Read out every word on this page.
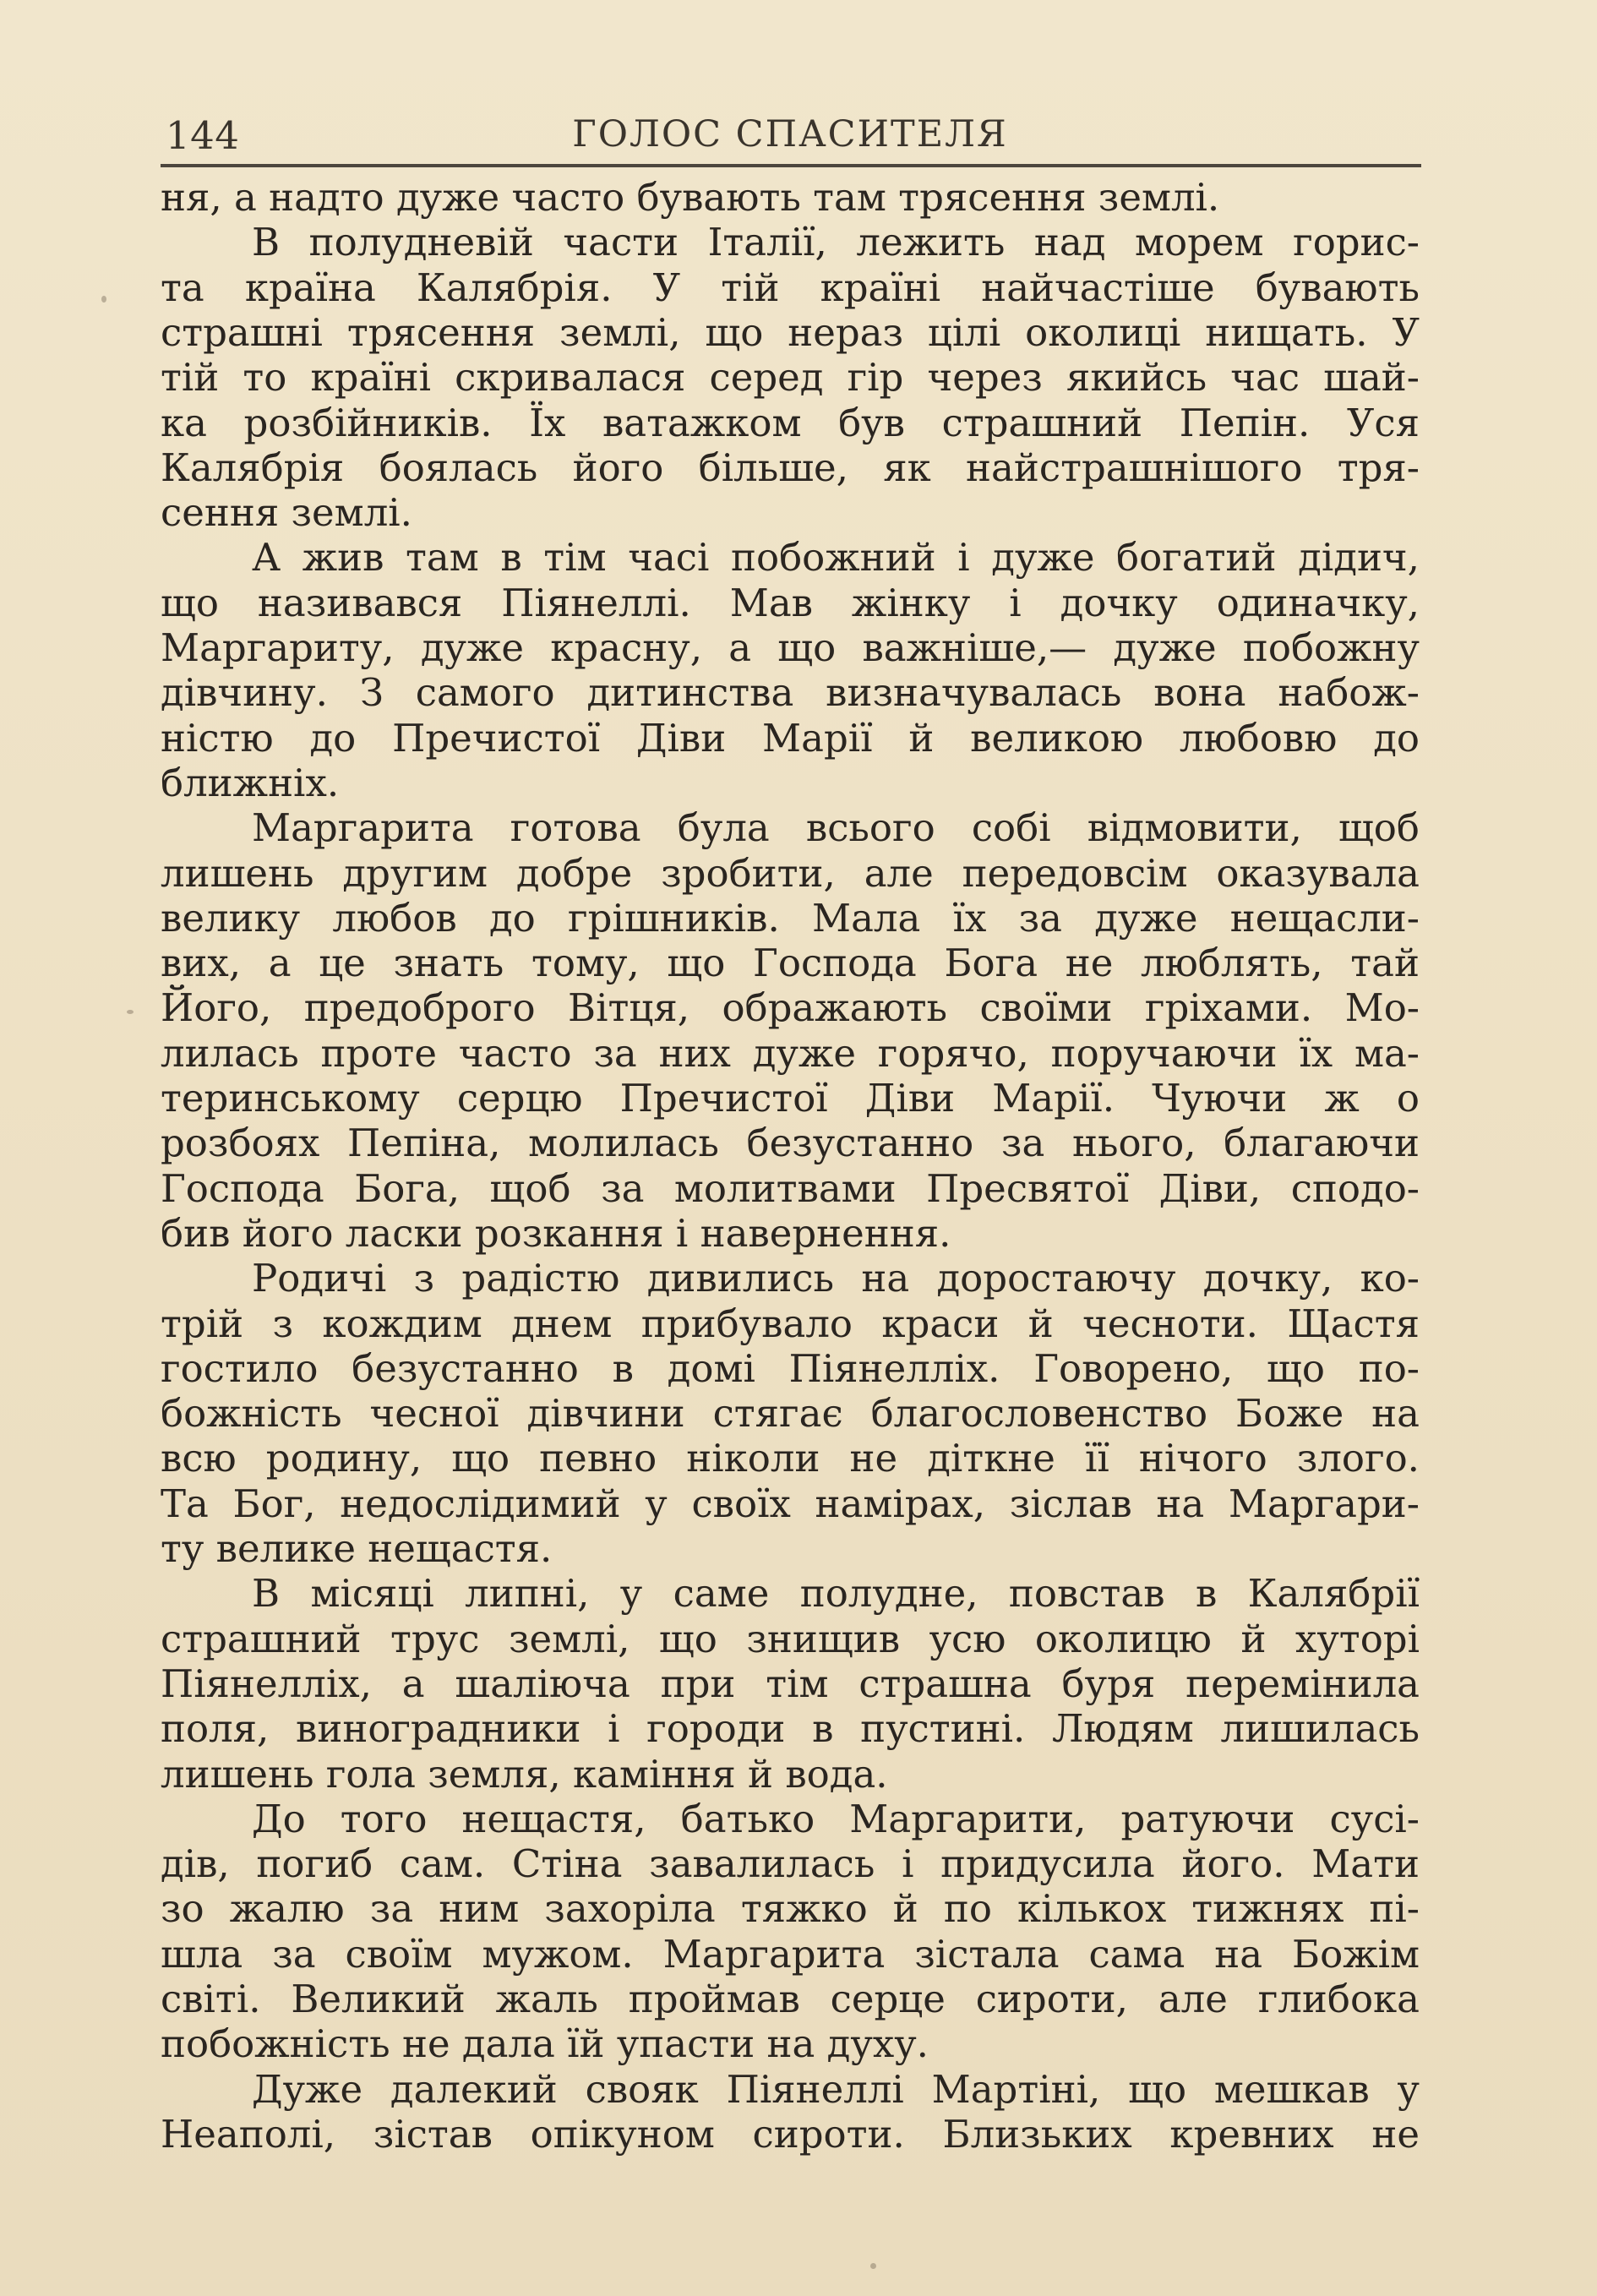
144	ГОЛОС СПАСИТЕЛЯ
ня, а надто дуже часто бувають там трясення землі.
В полудневій части Італії, лежить над морем горис-
та країна Калябрія. У тій країні найчастіше бувають
страшні трясення землі, що нераз цілі околиці нищать. У
тій то країні скривалася серед гір через якийсь час шай-
ка розбійників. Їх ватажком був страшний Пепін. Уся
Калябрія боялась його більше, як найстрашнішого тря-
сення землі.
А жив там в тім часі побожний і дуже богатий дідич,
що називався Піянеллі. Мав жінку і дочку одиначку,
Маргариту, дуже красну, а що важніше,— дуже побожну
дівчину. З самого дитинства визначувалась вона набож-
ністю до Пречистої Діви Марії й великою любовю до
ближніх.
Маргарита готова була всього собі відмовити, щоб
лишень другим добре зробити, але передовсім оказувала
велику любов до грішників. Мала їх за дуже нещасли-
вих, а це знать тому, що Господа Бога не люблять, тай
Його, предоброго Вітця, ображають своїми гріхами. Мо-
лилась проте часто за них дуже горячо, поручаючи їх ма-
теринському серцю Пречистої Діви Марії. Чуючи ж о
розбоях Пепіна, молилась безустанно за нього, благаючи
Господа Бога, щоб за молитвами Пресвятої Діви, сподо-
бив його ласки розкання і навернення.
Родичі з радістю дивились на доростаючу дочку, ко-
трій з кождим днем прибувало краси й чесноти. Щастя
гостило безустанно в домі Піянелліх. Говорено, що по-
божність чесної дівчини стягає благословенство Боже на
всю родину, що певно ніколи не діткне її нічого злого.
Та Бог, недослідимий у своїх намірах, зіслав на Маргари-
ту велике нещастя.
В місяці липні, у саме полудне, повстав в Калябрії
страшний трус землі, що знищив усю околицю й хуторі
Піянелліх, а шаліюча при тім страшна буря перемінила
поля, виноградники і городи в пустині. Людям лишилась
лишень гола земля, каміння й вода.
До того нещастя, батько Маргарити, ратуючи сусі-
дів, погиб сам. Стіна завалилась і придусила його. Мати
зо жалю за ним захоріла тяжко й по кількох тижнях пі-
шла за своїм мужом. Маргарита зістала сама на Божім
світі. Великий жаль проймав серце сироти, але глибока
побожність не дала їй упасти на духу.
Дуже далекий свояк Піянеллі Мартіні, що мешкав у
Неаполі, зістав опікуном сироти. Близьких кревних не
